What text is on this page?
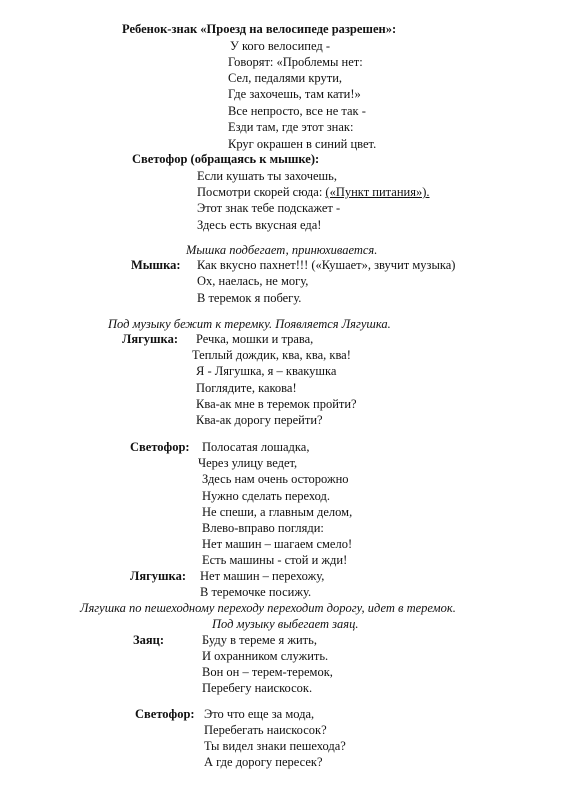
Ребенок-знак «Проезд на велосипеде разрешен»:
У кого велосипед -
Говорят: «Проблемы нет:
Сел, педалями крути,
Где захочешь, там кати!»
Все непросто, все не так -
Езди там, где этот знак:
Круг окрашен в синий цвет.
Светофор (обращаясь к мышке):
Если кушать ты захочешь,
Посмотри скорей сюда: («Пункт питания»).
Этот знак тебе подскажет -
Здесь есть вкусная еда!
Мышка подбегает, принюхивается.
Мышка: Как вкусно пахнет!!! («Кушает», звучит музыка)
Ох, наелась, не могу,
В теремок я побегу.
Под музыку бежит к теремку. Появляется Лягушка.
Лягушка: Речка, мошки и трава,
Теплый дождик, ква, ква, ква!
Я - Лягушка, я – квакушка
Поглядите, какова!
Ква-ак мне в теремок пройти?
Ква-ак дорогу перейти?
Светофор: Полосатая лошадка,
Через улицу ведет,
Здесь нам очень осторожно
Нужно сделать переход.
Не спеши, а главным делом,
Влево-вправо погляди:
Нет машин – шагаем смело!
Есть машины - стой и жди!
Лягушка: Нет машин – перехожу,
В теремочке посижу.
Лягушка по пешеходному переходу переходит дорогу, идет в теремок.
Под музыку выбегает заяц.
Заяц:	Буду в тереме я жить,
И охранником служить.
Вон он – терем-теремок,
Перебегу наискосок.
Светофор: Это что еще за мода,
Перебегать наискосок?
Ты видел знаки пешехода?
А где дорогу пересек?
